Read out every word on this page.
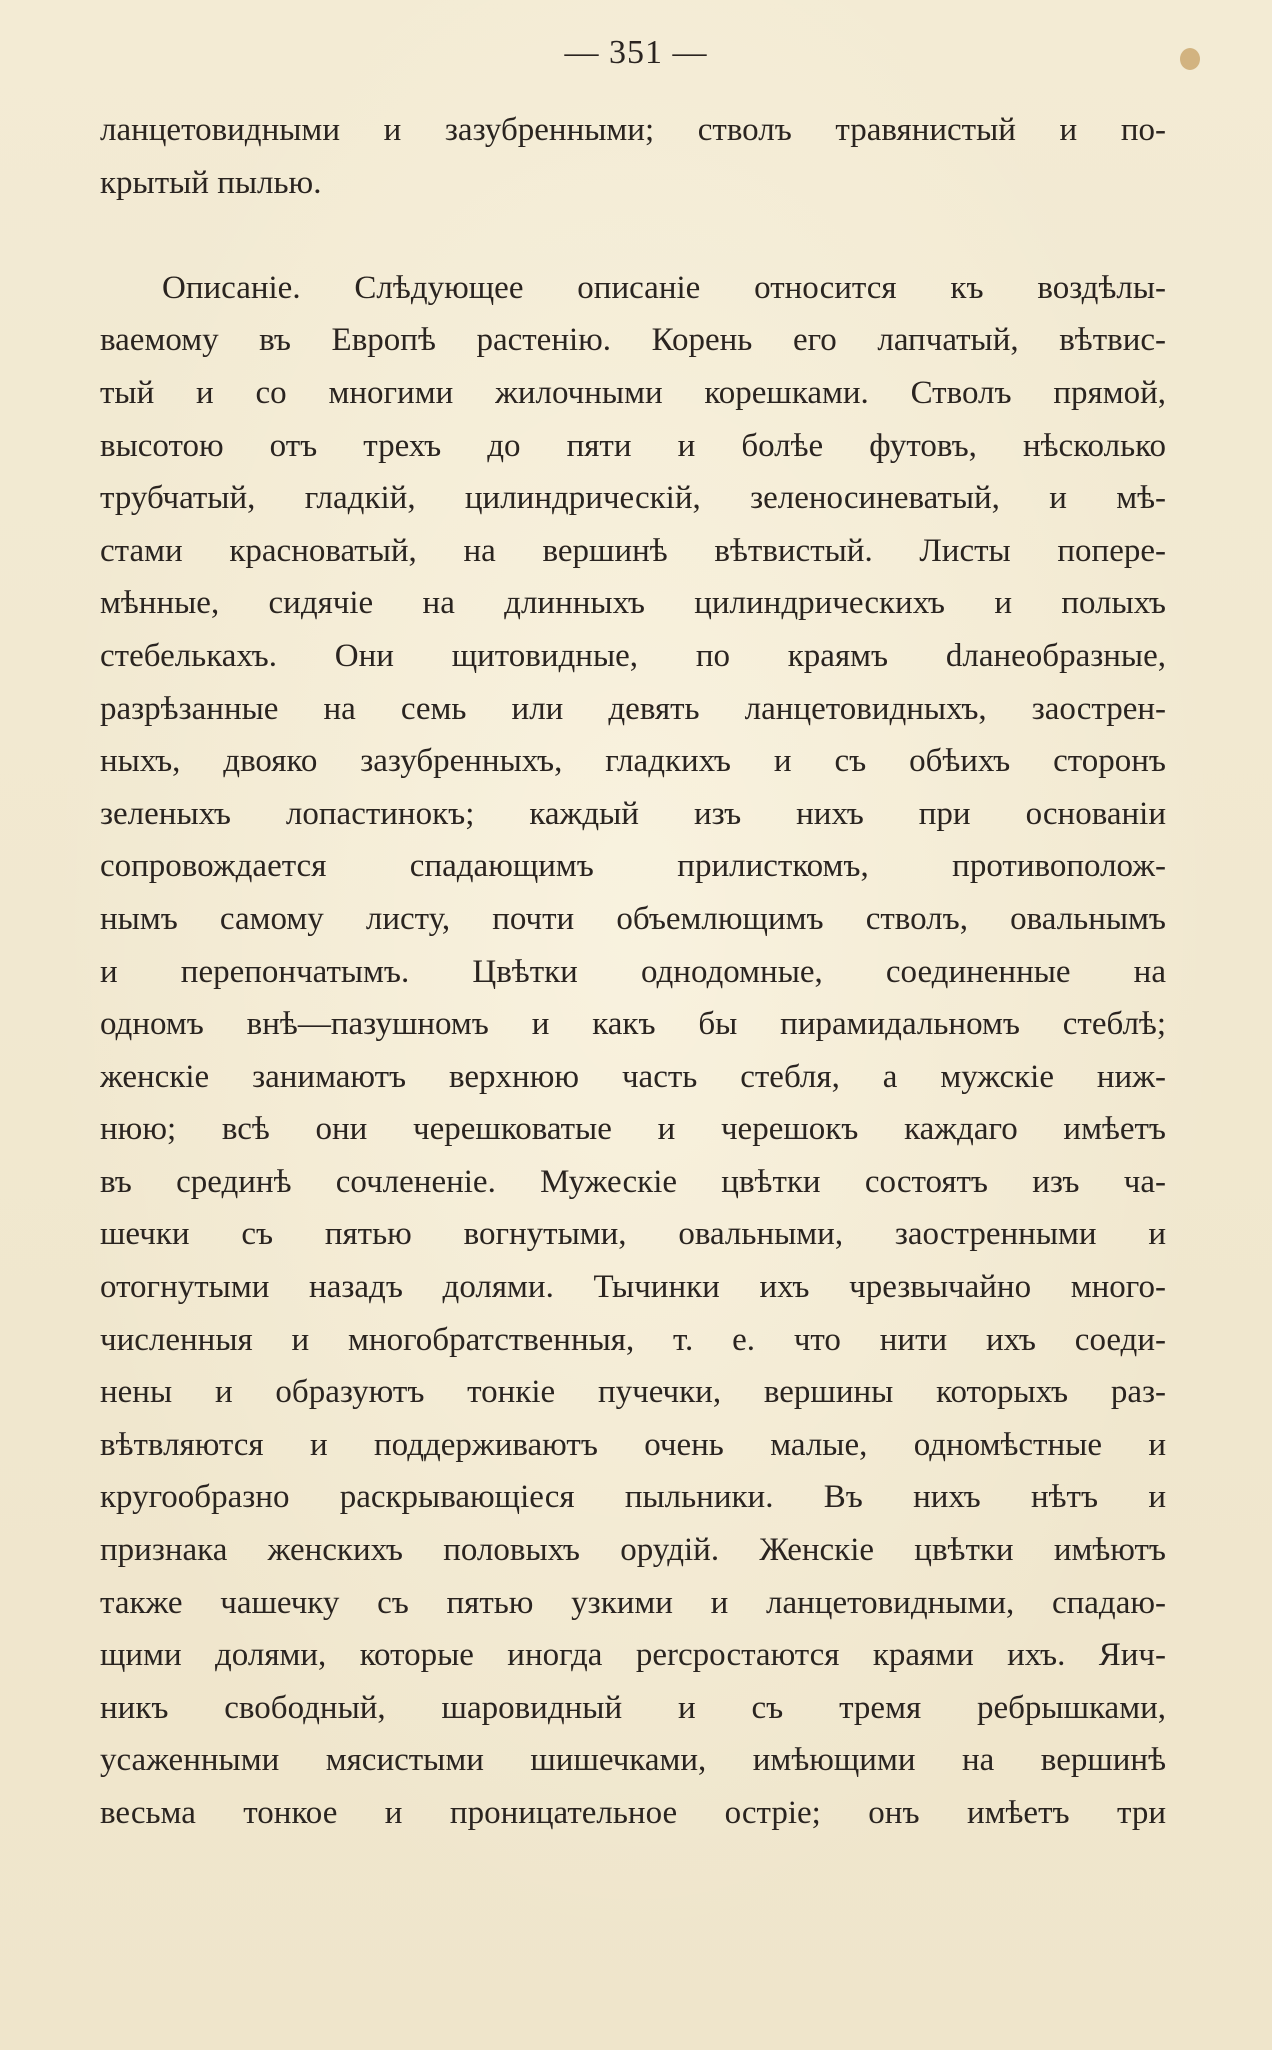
— 351 —
ланцетовидными и зазубренными; стволъ травянистый и по-
крытый пылью.
Описаніе. Слѣдующее описаніе относится къ воздѣлы-
ваемому въ Европѣ растенію. Корень его лапчатый, вѣтвис-
тый и со многими жилочными корешками. Стволъ прямой,
высотою отъ трехъ до пяти и болѣе футовъ, нѣсколько
трубчатый, гладкій, цилиндрическій, зеленосиневатый, и мѣ-
стами красноватый, на вершинѣ вѣтвистый. Листы попере-
мѣнные, сидячіе на длинныхъ цилиндрическихъ и полыхъ
стебелькахъ. Они щитовидные, по краямъ dланеобразные,
разрѣзанные на семь или девять ланцетовидныхъ, заострен-
ныхъ, двояко зазубренныхъ, гладкихъ и съ обѣихъ сторонъ
зеленыхъ лопастинокъ; каждый изъ нихъ при основаніи
сопровождается спадающимъ прилисткомъ, противополож-
нымъ самому листу, почти объемлющимъ стволъ, овальнымъ
и перепончатымъ. Цвѣтки однодомные, соединенные на
одномъ внѣ—пазушномъ и какъ бы пирамидальномъ стеблѣ;
женскіе занимаютъ верхнюю часть стебля, а мужскіе ниж-
нюю; всѣ они черешковатые и черешокъ каждаго имѣетъ
въ срединѣ сочлененіе. Мужескіе цвѣтки состоятъ изъ ча-
шечки съ пятью вогнутыми, овальными, заостренными и
отогнутыми назадъ долями. Тычинки ихъ чрезвычайно много-
численныя и многобратственныя, т. е. что нити ихъ соеди-
нены и образуютъ тонкіе пучечки, вершины которыхъ раз-
вѣтвляются и поддерживаютъ очень малые, одномѣстные и
кругообразно раскрывающіеся пыльники. Въ нихъ нѣтъ и
признака женскихъ половыхъ орудій. Женскіе цвѣтки имѣютъ
также чашечку съ пятью узкими и ланцетовидными, спадаю-
щими долями, которые иногда percростаются краями ихъ. Яич-
никъ свободный, шаровидный и съ тремя ребрышками,
усаженными мясистыми шишечками, имѣющими на вершинѣ
весьма тонкое и проницательное остріе; онъ имѣетъ три
